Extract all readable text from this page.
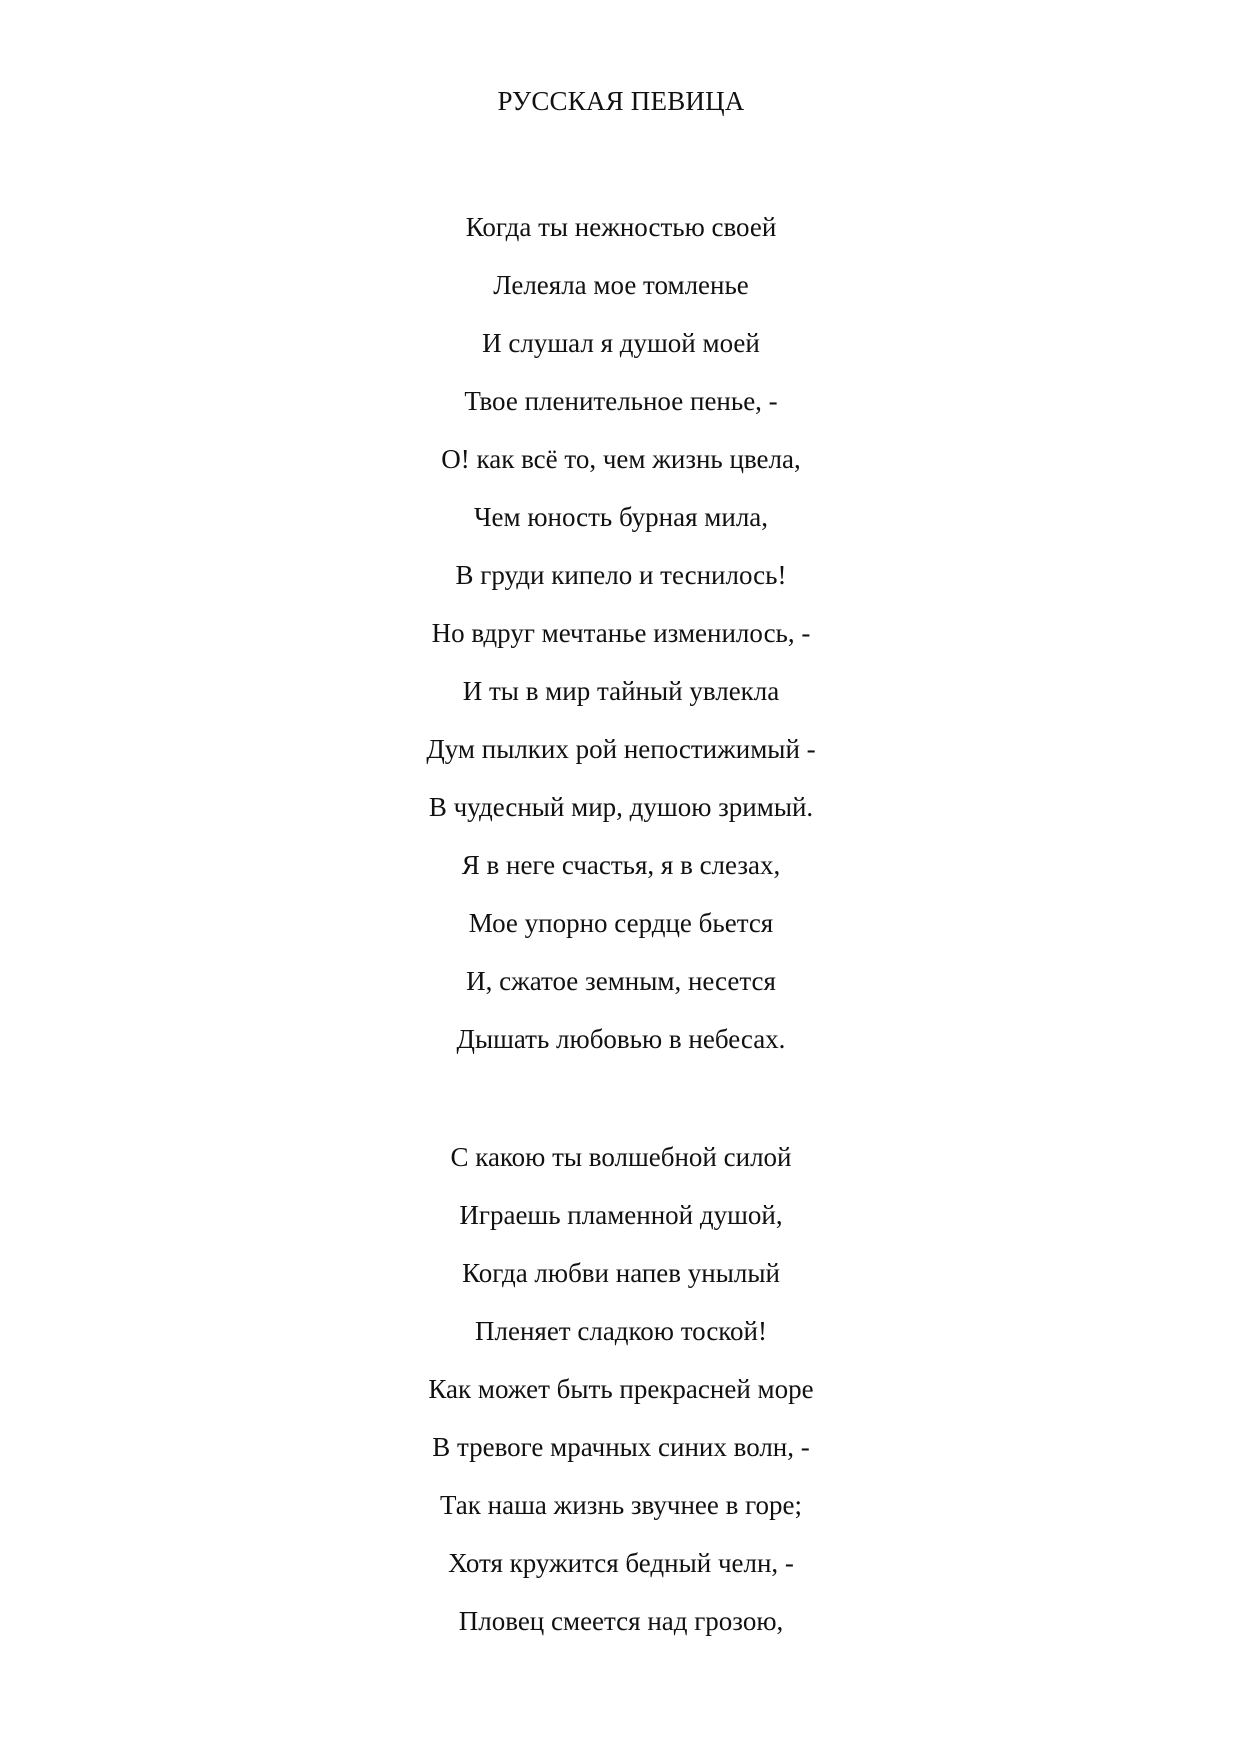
РУССКАЯ ПЕВИЦА
Когда ты нежностью своей
Лелеяла мое томленье
И слушал я душой моей
Твое пленительное пенье, -
О! как всё то, чем жизнь цвела,
Чем юность бурная мила,
В груди кипело и теснилось!
Но вдруг мечтанье изменилось, -
И ты в мир тайный увлекла
Дум пылких рой непостижимый -
В чудесный мир, душою зримый.
Я в неге счастья, я в слезах,
Мое упорно сердце бьется
И, сжатое земным, несется
Дышать любовью в небесах.
С какою ты волшебной силой
Играешь пламенной душой,
Когда любви напев унылый
Пленяет сладкою тоской!
Как может быть прекрасней море
В тревоге мрачных синих волн, -
Так наша жизнь звучнее в горе;
Хотя кружится бедный челн, -
Пловец смеется над грозою,
